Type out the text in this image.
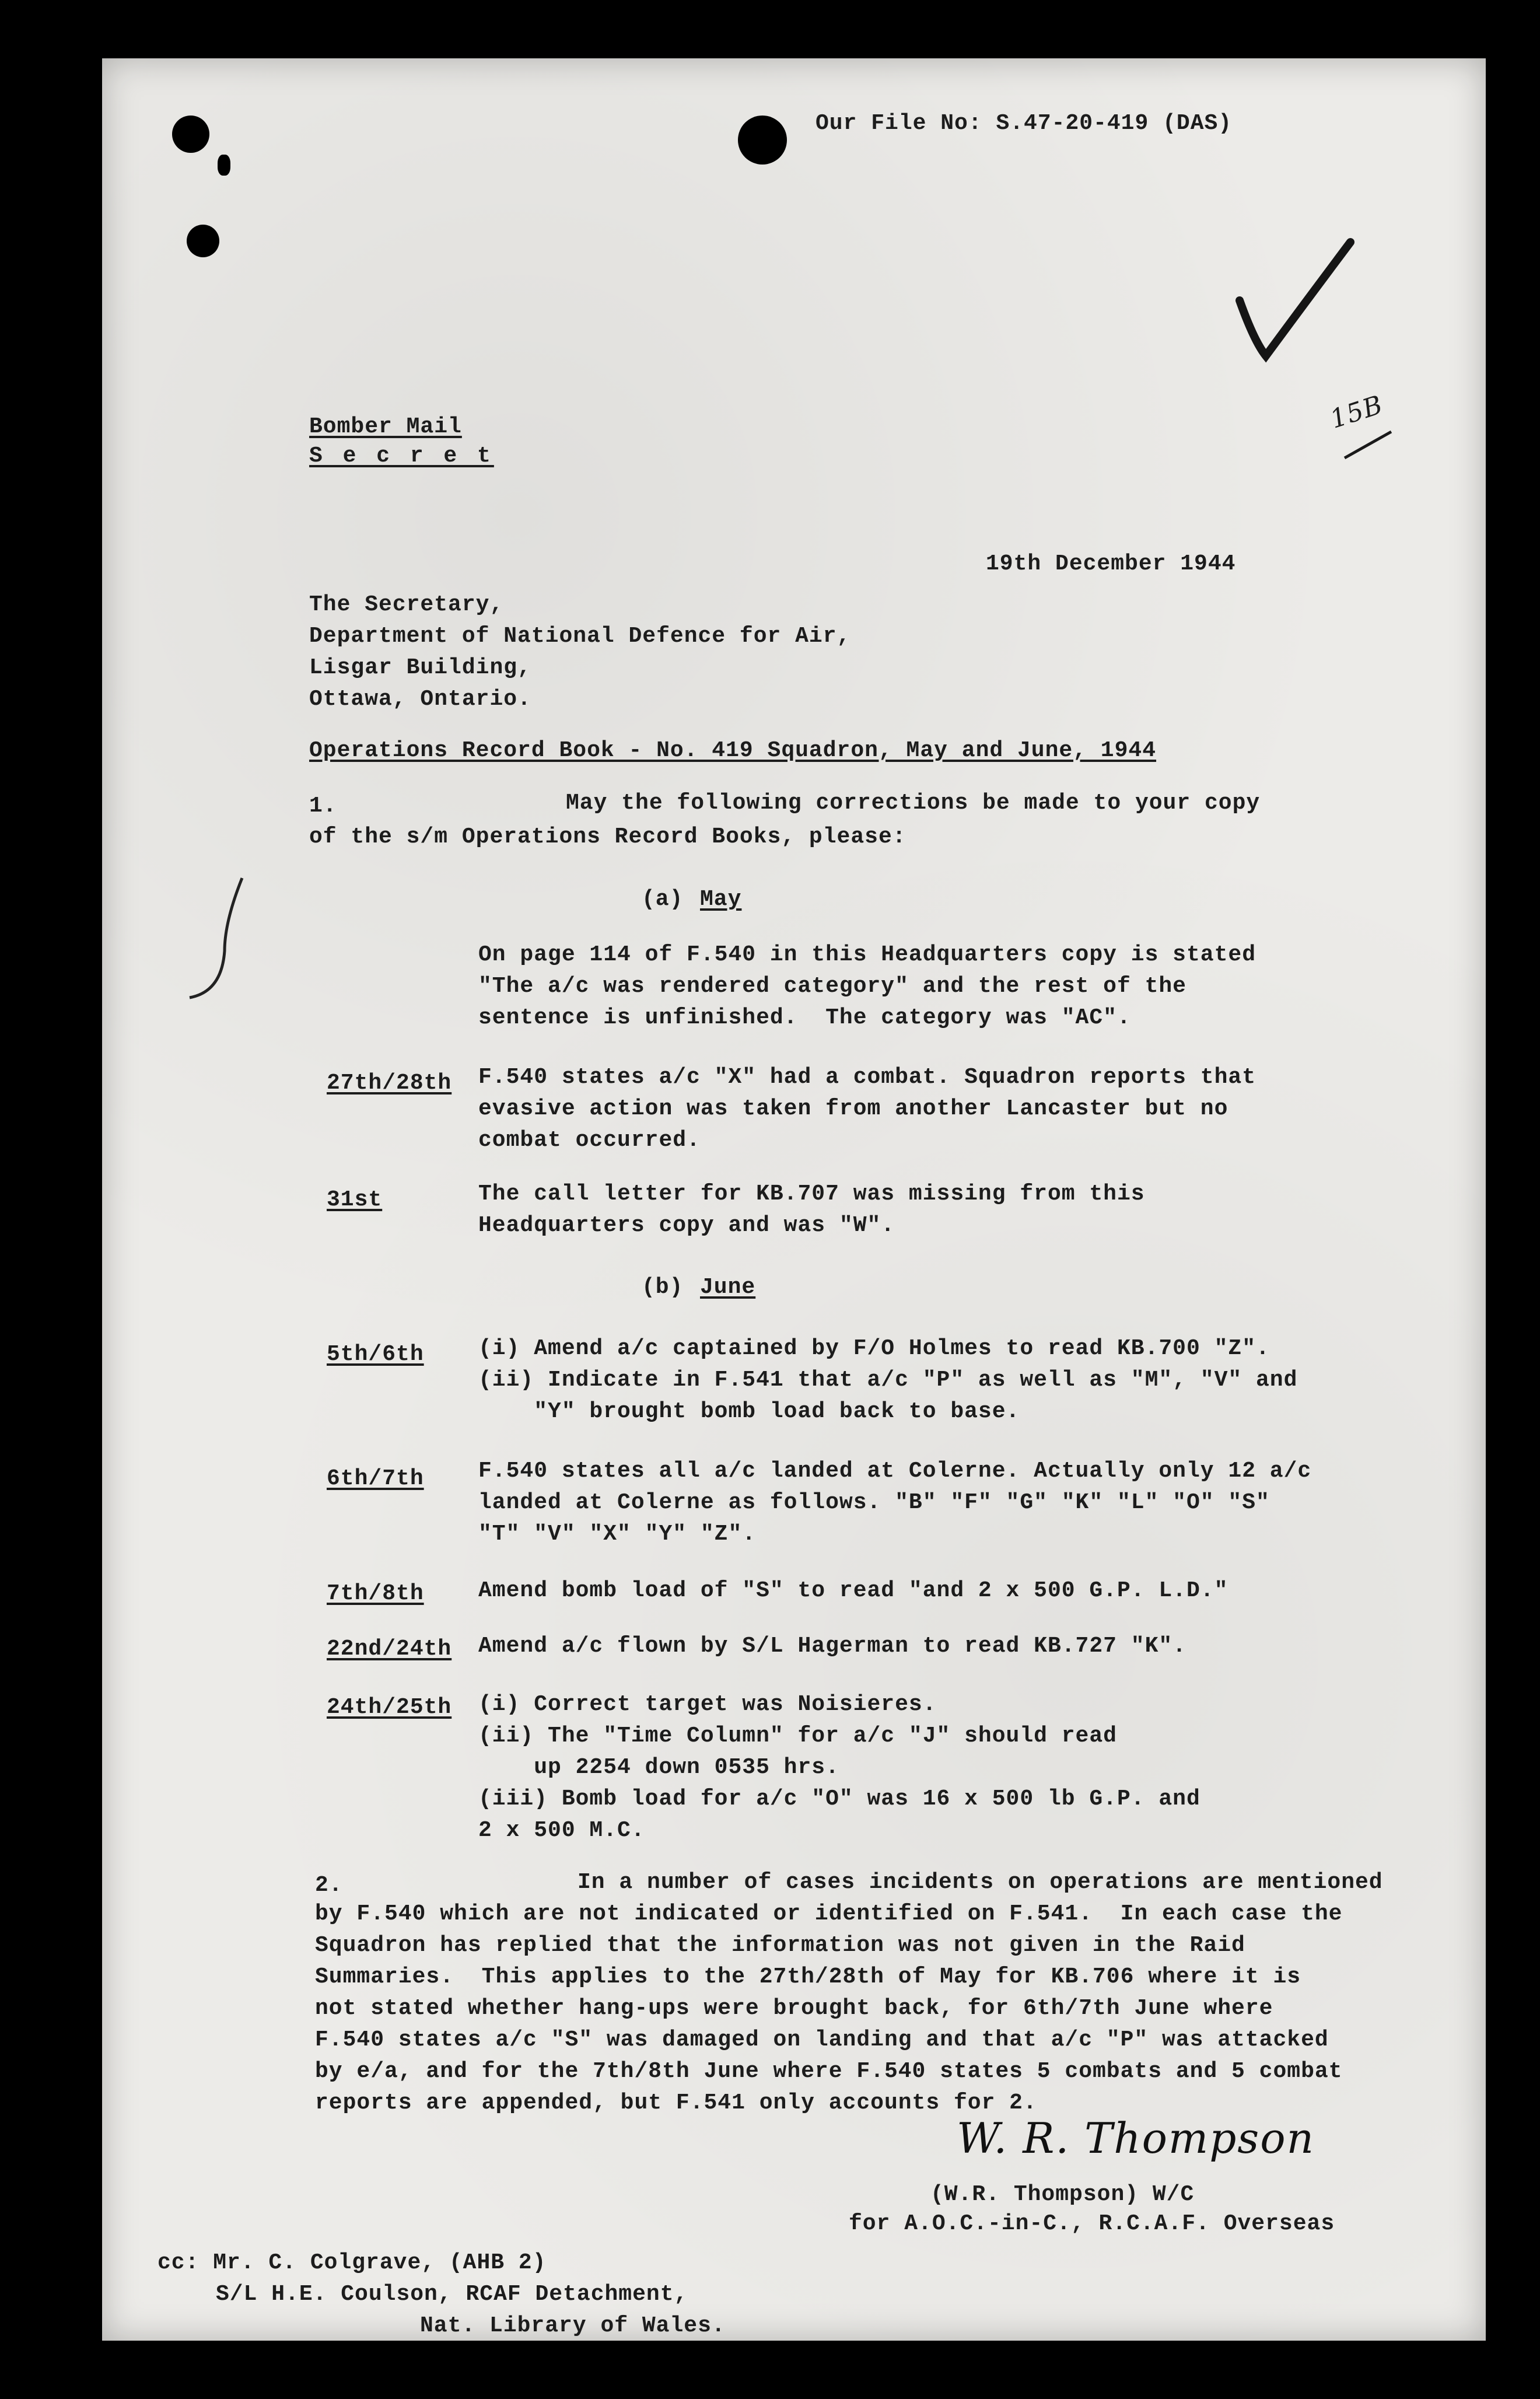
Our File No: S.47-20-419 (DAS)
15B
Bomber Mail
S e c r e t
19th December 1944
The Secretary,
Department of National Defence for Air,
Lisgar Building,
Ottawa, Ontario.
Operations Record Book - No. 419 Squadron, May and June, 1944
1.	May the following corrections be made to your copy
of the s/m Operations Record Books, please:
(a) May
On page 114 of F.540 in this Headquarters copy is stated
"The a/c was rendered category" and the rest of the
sentence is unfinished.  The category was "AC".
27th/28th F.540 states a/c "X" had a combat. Squadron reports that
evasive action was taken from another Lancaster but no
combat occurred.
31st	The call letter for KB.707 was missing from this
Headquarters copy and was "W".
(b) June
5th/6th (i) Amend a/c captained by F/O Holmes to read KB.700 "Z".
(ii) Indicate in F.541 that a/c "P" as well as "M", "V" and
"Y" brought bomb load back to base.
6th/7th F.540 states all a/c landed at Colerne. Actually only 12 a/c
landed at Colerne as follows. "B" "F" "G" "K" "L" "O" "S"
"T" "V" "X" "Y" "Z".
7th/8th Amend bomb load of "S" to read "and 2 x 500 G.P. L.D."
22nd/24th Amend a/c flown by S/L Hagerman to read KB.727 "K".
24th/25th (i) Correct target was Noisieres.
(ii) The "Time Column" for a/c "J" should read
up 2254 down 0535 hrs.
(iii) Bomb load for a/c "O" was 16 x 500 lb G.P. and
2 x 500 M.C.
2.	In a number of cases incidents on operations are mentioned
by F.540 which are not indicated or identified on F.541.  In each case the
Squadron has replied that the information was not given in the Raid
Summaries.  This applies to the 27th/28th of May for KB.706 where it is
not stated whether hang-ups were brought back, for 6th/7th June where
F.540 states a/c "S" was damaged on landing and that a/c "P" was attacked
by e/a, and for the 7th/8th June where F.540 states 5 combats and 5 combat
reports are appended, but F.541 only accounts for 2.
W. R. Thompson
(W.R. Thompson) W/C
for A.O.C.-in-C., R.C.A.F. Overseas
cc: Mr. C. Colgrave, (AHB 2)
S/L H.E. Coulson, RCAF Detachment,
Nat. Library of Wales.
